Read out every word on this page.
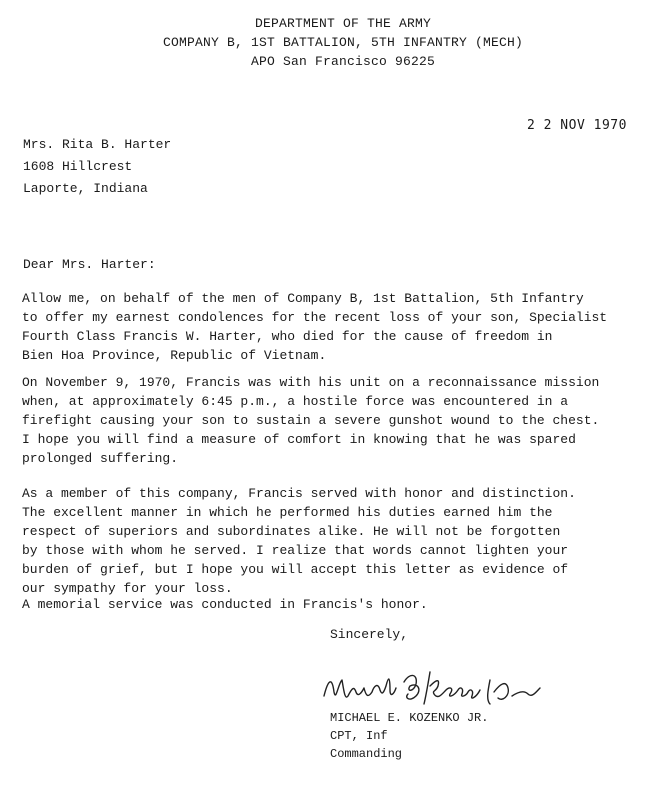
DEPARTMENT OF THE ARMY
COMPANY B, 1ST BATTALION, 5TH INFANTRY (MECH)
APO San Francisco 96225
2 2 NOV 1970
Mrs. Rita B. Harter
1608 Hillcrest
Laporte, Indiana
Dear Mrs. Harter:
Allow me, on behalf of the men of Company B, 1st Battalion, 5th Infantry
to offer my earnest condolences for the recent loss of your son, Specialist
Fourth Class Francis W. Harter, who died for the cause of freedom in
Bien Hoa Province, Republic of Vietnam.
On November 9, 1970, Francis was with his unit on a reconnaissance mission
when, at approximately 6:45 p.m., a hostile force was encountered in a
firefight causing your son to sustain a severe gunshot wound to the chest.
I hope you will find a measure of comfort in knowing that he was spared
prolonged suffering.
As a member of this company, Francis served with honor and distinction.
The excellent manner in which he performed his duties earned him the
respect of superiors and subordinates alike. He will not be forgotten
by those with whom he served. I realize that words cannot lighten your
burden of grief, but I hope you will accept this letter as evidence of
our sympathy for your loss.
A memorial service was conducted in Francis's honor.
Sincerely,
MICHAEL E. KOZENKO JR.
CPT, Inf
Commanding
